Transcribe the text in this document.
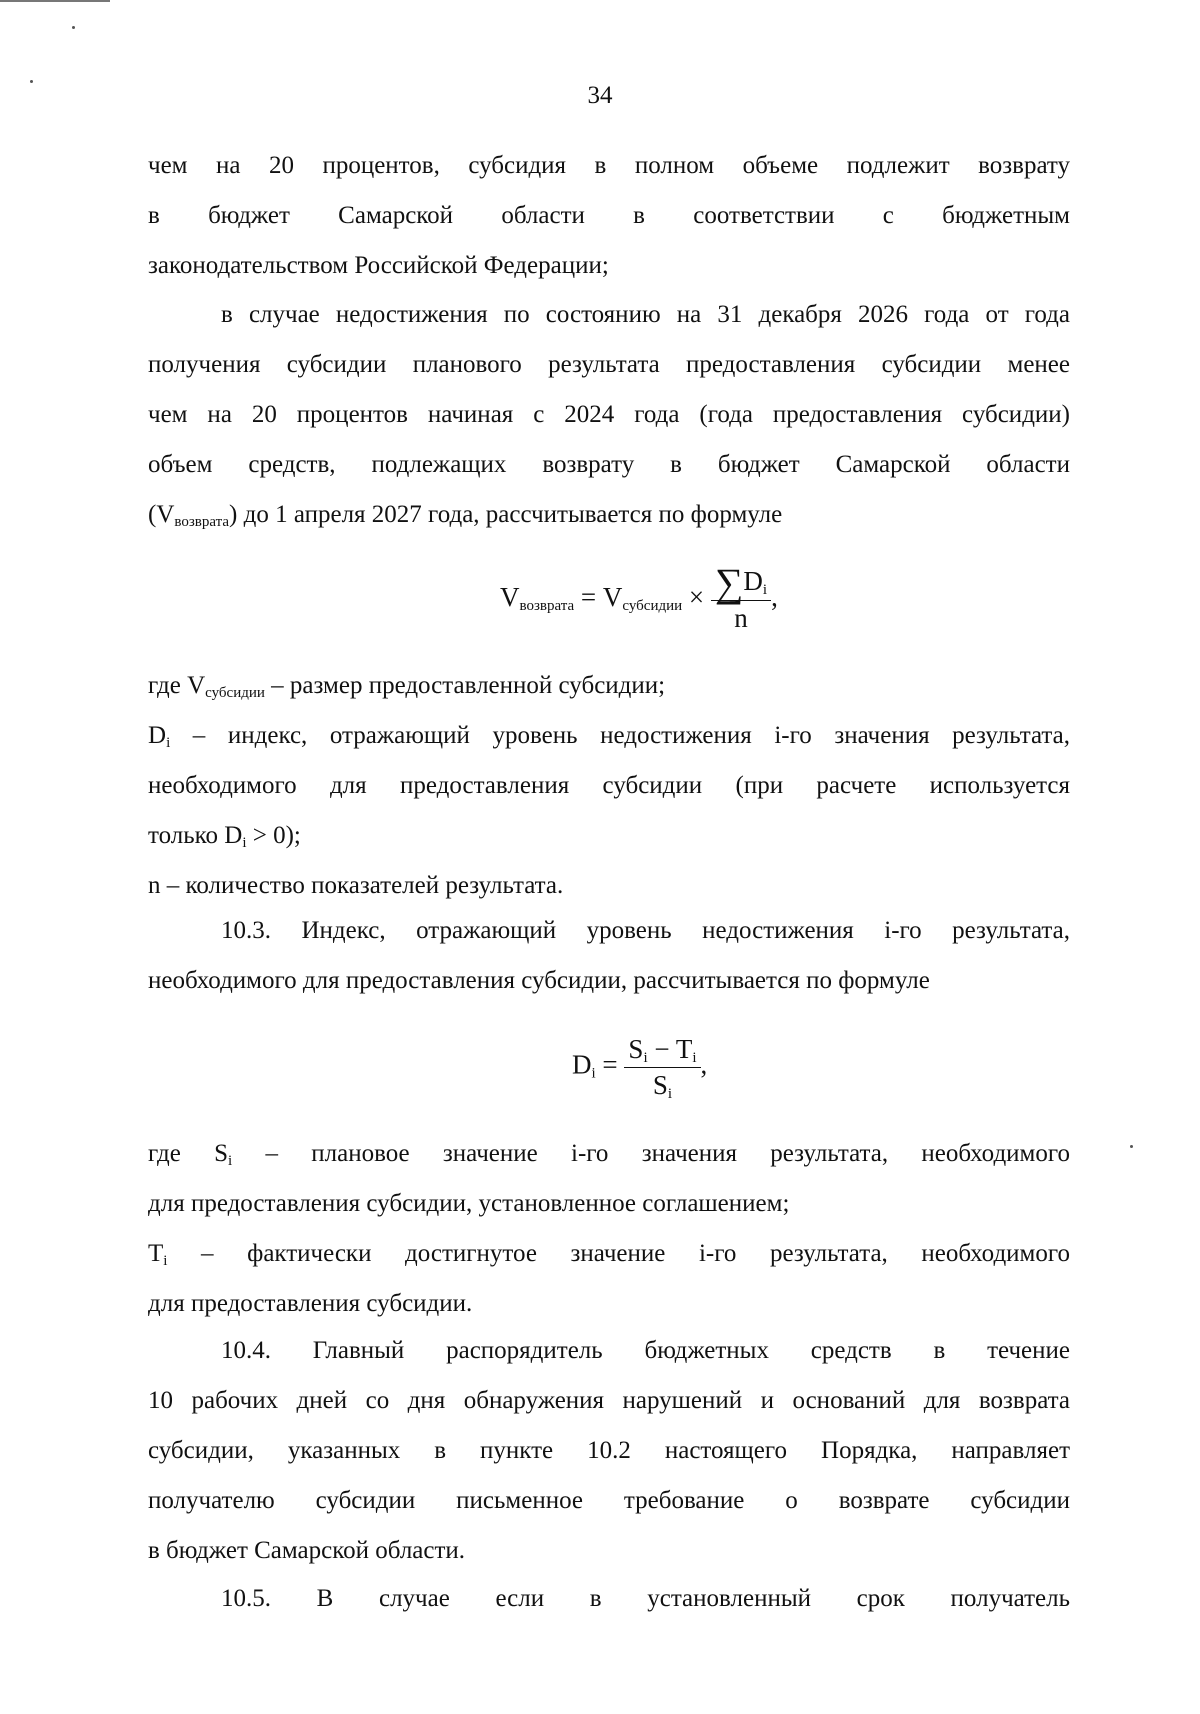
34

чем на 20 процентов, субсидия в полном объеме подлежит возврату

в бюджет Самарской области в соответствии с бюджетным

законодательством Российской Федерации;

в случае недостижения по состоянию на 31 декабря 2026 года от года

получения субсидии планового результата предоставления субсидии менее

чем на 20 процентов начиная с 2024 года (года предоставления субсидии)

объем средств, подлежащих возврату в бюджет Самарской области

$(V_{возврата})$ до 1 апреля 2027 года, рассчитывается по формуле

$V_{возврата} = V_{субсидии} \times \frac{\sum D_i}{n}$ ,

где $V_{субсидии}$ – размер предоставленной субсидии;

$D_i$ – индекс, отражающий уровень недостижения i-го значения результата,

необходимого для предоставления субсидии (при расчете используется

только $D_i > 0$);

n – количество показателей результата.

10.3. Индекс, отражающий уровень недостижения i-го результата,

необходимого для предоставления субсидии, рассчитывается по формуле

$D_i = \frac{S_i - T_i}{S_i}$ ,

где $S_i$ – плановое значение i-го значения результата, необходимого

для предоставления субсидии, установленное соглашением;

$T_i$ – фактически достигнутое значение i-го результата, необходимого

для предоставления субсидии.

10.4. Главный распорядитель бюджетных средств в течение

10 рабочих дней со дня обнаружения нарушений и оснований для возврата

субсидии, указанных в пункте 10.2 настоящего Порядка, направляет

получателю субсидии письменное требование о возврате субсидии

в бюджет Самарской области.

10.5. В случае если в установленный срок получатель
